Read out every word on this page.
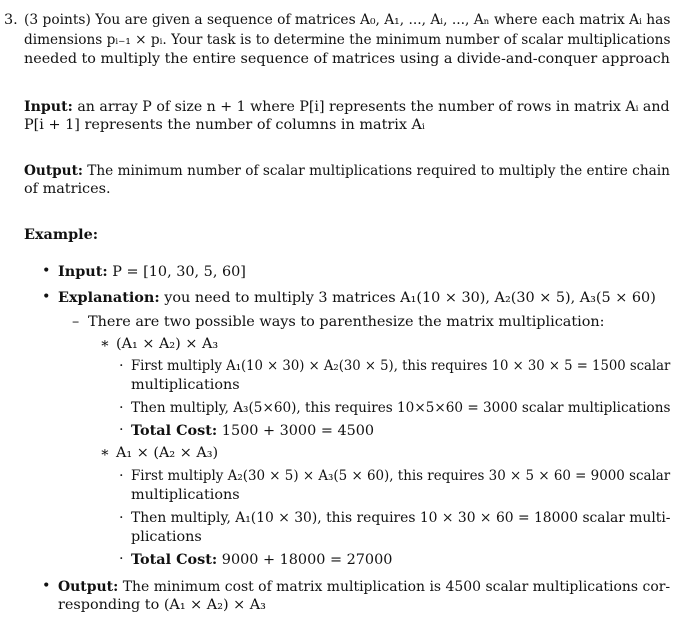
3. (3 points) You are given a sequence of matrices A₀, A₁, ..., Aᵢ, ..., Aₙ where each matrix Aᵢ has
dimensions pᵢ₋₁ × pᵢ. Your task is to determine the minimum number of scalar multiplications
needed to multiply the entire sequence of matrices using a divide-and-conquer approach
Input: an array P of size n + 1 where P[i] represents the number of rows in matrix Aᵢ and
P[i + 1] represents the number of columns in matrix Aᵢ
Output: The minimum number of scalar multiplications required to multiply the entire chain
of matrices.
Example:
• Input: P = [10, 30, 5, 60]
• Explanation: you need to multiply 3 matrices A₁(10 × 30), A₂(30 × 5), A₃(5 × 60)
– There are two possible ways to parenthesize the matrix multiplication:
∗ (A₁ × A₂) × A₃
· First multiply A₁(10 × 30) × A₂(30 × 5), this requires 10 × 30 × 5 = 1500 scalar
multiplications
· Then multiply, A₃(5×60), this requires 10×5×60 = 3000 scalar multiplications
· Total Cost: 1500 + 3000 = 4500
∗ A₁ × (A₂ × A₃)
· First multiply A₂(30 × 5) × A₃(5 × 60), this requires 30 × 5 × 60 = 9000 scalar
multiplications
· Then multiply, A₁(10 × 30), this requires 10 × 30 × 60 = 18000 scalar multi-
plications
· Total Cost: 9000 + 18000 = 27000
• Output: The minimum cost of matrix multiplication is 4500 scalar multiplications cor-
responding to (A₁ × A₂) × A₃
